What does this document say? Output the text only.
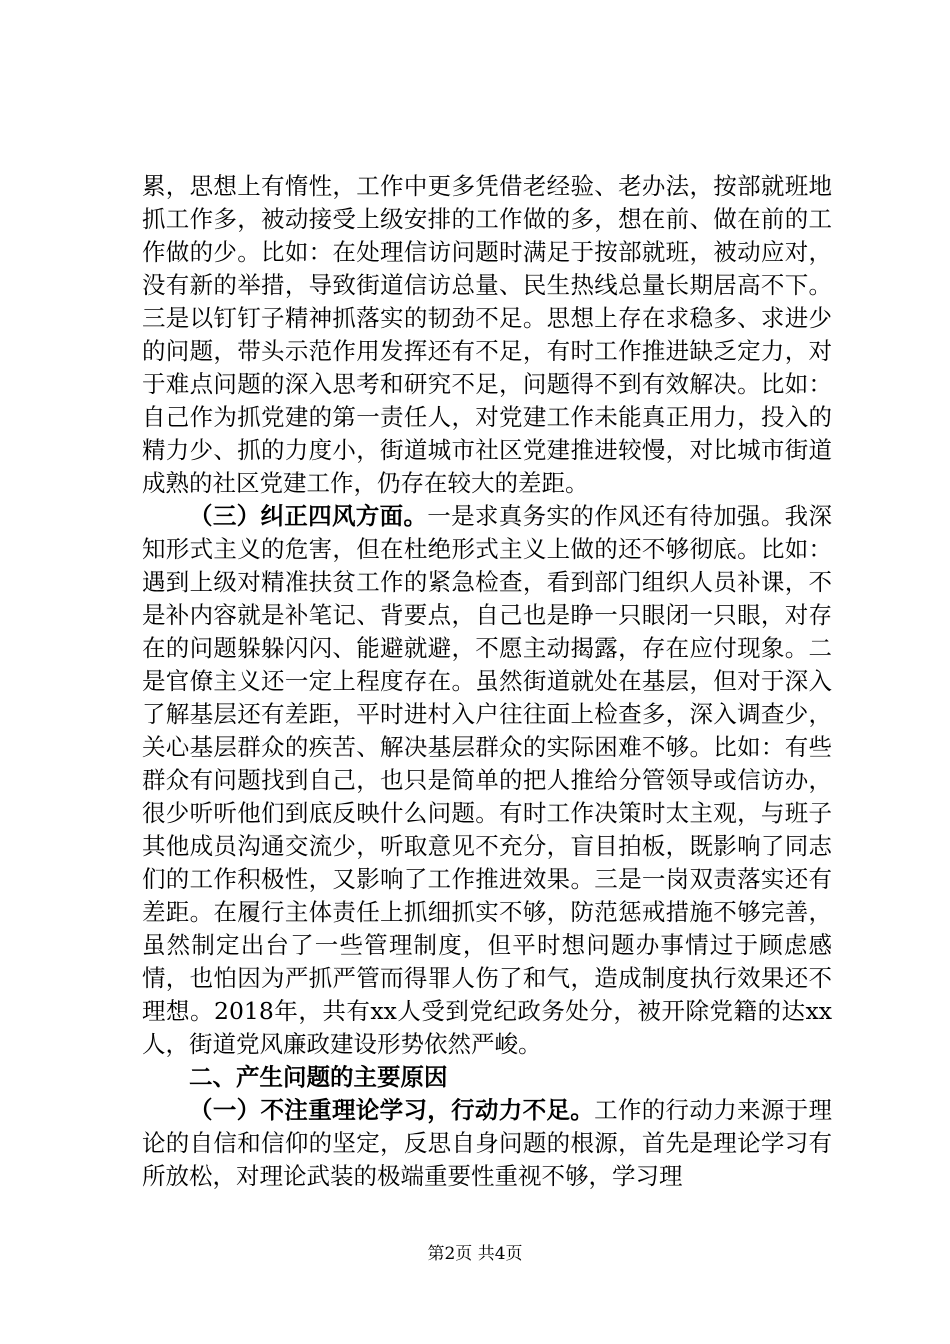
累，思想上有惰性，工作中更多凭借老经验、老办法，按部就班地抓工作多，被动接受上级安排的工作做的多，想在前、做在前的工作做的少。比如：在处理信访问题时满足于按部就班，被动应对，没有新的举措，导致街道信访总量、民生热线总量长期居高不下。三是以钉钉子精神抓落实的韧劲不足。思想上存在求稳多、求进少的问题，带头示范作用发挥还有不足，有时工作推进缺乏定力，对于难点问题的深入思考和研究不足，问题得不到有效解决。比如：自己作为抓党建的第一责任人，对党建工作未能真正用力，投入的精力少、抓的力度小，街道城市社区党建推进较慢，对比城市街道成熟的社区党建工作，仍存在较大的差距。

（三）纠正四风方面。一是求真务实的作风还有待加强。我深知形式主义的危害，但在杜绝形式主义上做的还不够彻底。比如：遇到上级对精准扶贫工作的紧急检查，看到部门组织人员补课，不是补内容就是补笔记、背要点，自己也是睁一只眼闭一只眼，对存在的问题躲躲闪闪、能避就避，不愿主动揭露，存在应付现象。二是官僚主义还一定上程度存在。虽然街道就处在基层，但对于深入了解基层还有差距，平时进村入户往往面上检查多，深入调查少，关心基层群众的疾苦、解决基层群众的实际困难不够。比如：有些群众有问题找到自己，也只是简单的把人推给分管领导或信访办，很少听听他们到底反映什么问题。有时工作决策时太主观，与班子其他成员沟通交流少，听取意见不充分，盲目拍板，既影响了同志们的工作积极性，又影响了工作推进效果。三是一岗双责落实还有差距。在履行主体责任上抓细抓实不够，防范惩戒措施不够完善，虽然制定出台了一些管理制度，但平时想问题办事情过于顾虑感情，也怕因为严抓严管而得罪人伤了和气，造成制度执行效果还不理想。2018年，共有xx人受到党纪政务处分，被开除党籍的达xx人，街道党风廉政建设形势依然严峻。

二、产生问题的主要原因

（一）不注重理论学习，行动力不足。工作的行动力来源于理论的自信和信仰的坚定，反思自身问题的根源，首先是理论学习有所放松，对理论武装的极端重要性重视不够，学习理

第2页 共4页
